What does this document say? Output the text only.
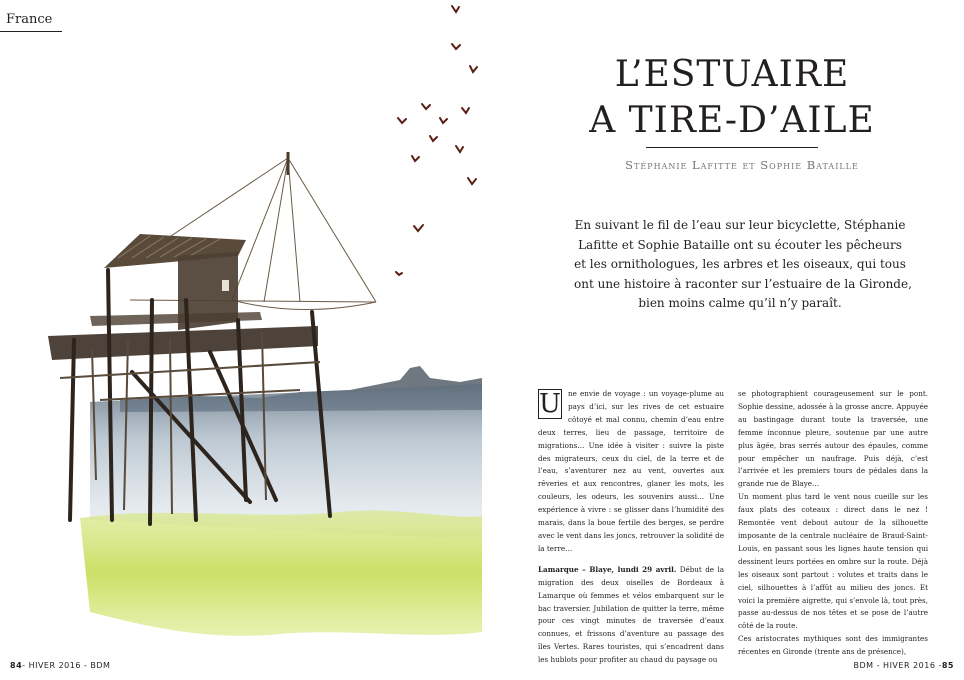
France
84- HIVER 2016 - BDM
L’ESTUAIRE
A TIRE-D’AILE
Stéphanie Lafitte et Sophie Bataille
En suivant le fil de l’eau sur leur bicyclette, Stéphanie
Lafitte et Sophie Bataille ont su écouter les pêcheurs
et les ornithologues, les arbres et les oiseaux, qui tous
ont une histoire à raconter sur l’estuaire de la Gironde,
bien moins calme qu’il n’y paraît.
U ne envie de voyage : un voyage-plume au pays d’ici, sur les rives de cet estuaire côtoyé et mal connu, chemin d’eau entre deux terres, lieu de passage, territoire de migrations… Une idée à visiter : suivre la piste des migrateurs, ceux du ciel, de la terre et de l’eau, s’aventurer nez au vent, ouvertes aux rêveries et aux rencontres, glaner les mots, les couleurs, les odeurs, les souvenirs aussi… Une expérience à vivre : se glisser dans l’humidité des marais, dans la boue fertile des berges, se perdre avec le vent dans les joncs, retrouver la solidité de la terre…

Lamarque – Blaye, lundi 29 avril. Début de la migration des deux oiselles de Bordeaux à Lamarque où femmes et vélos embarquent sur le bac traversier. Jubilation de quitter la terre, même pour ces vingt minutes de traversée d’eaux connues, et frissons d’aventure au passage des îles Vertes. Rares touristes, qui s’encadrent dans les hublots pour profiter au chaud du paysage ou

se photographient courageusement sur le pont. Sophie dessine, adossée à la grosse ancre. Appuyée au bastingage durant toute la traversée, une femme inconnue pleure, soutenue par une autre plus âgée, bras serrés autour des épaules, comme pour empêcher un naufrage. Puis déjà, c’est l’arrivée et les premiers tours de pédales dans la grande rue de Blaye…

Un moment plus tard le vent nous cueille sur les faux plats des coteaux : direct dans le nez ! Remontée vent debout autour de la silhouette imposante de la centrale nucléaire de Braud-Saint-Louis, en passant sous les lignes haute tension qui dessinent leurs portées en ombre sur la route. Déjà les oiseaux sont partout : volutes et traits dans le ciel, silhouettes à l’affût au milieu des joncs. Et voici la première aigrette, qui s’envole là, tout près, passe au-dessus de nos têtes et se pose de l’autre côté de la route.

Ces aristocrates mythiques sont des immigrantes récentes en Gironde (trente ans de présence),

BDM - HIVER 2016 -85
